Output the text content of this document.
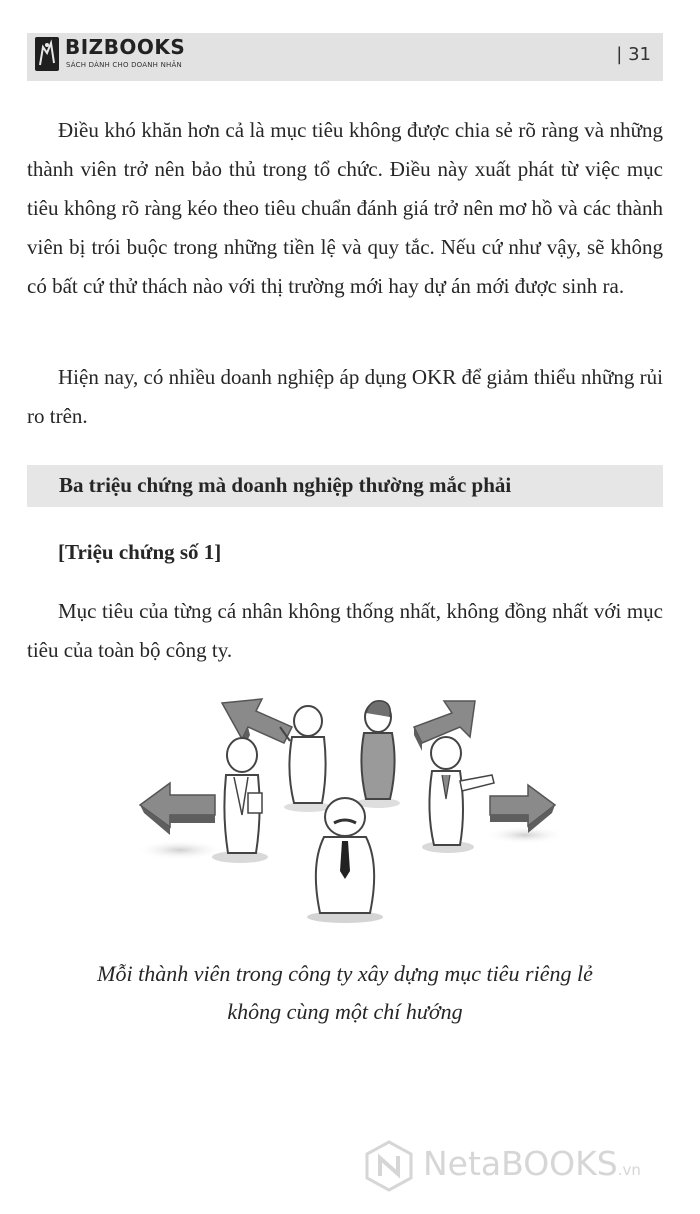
BIZBOOKS
SÁCH DÀNH CHO DOANH NHÂN	| 31

Điều khó khăn hơn cả là mục tiêu không được chia sẻ rõ ràng và những thành viên trở nên bảo thủ trong tổ chức. Điều này xuất phát từ việc mục tiêu không rõ ràng kéo theo tiêu chuẩn đánh giá trở nên mơ hồ và các thành viên bị trói buộc trong những tiền lệ và quy tắc. Nếu cứ như vậy, sẽ không có bất cứ thử thách nào với thị trường mới hay dự án mới được sinh ra.

Hiện nay, có nhiều doanh nghiệp áp dụng OKR để giảm thiểu những rủi ro trên.

Ba triệu chứng mà doanh nghiệp thường mắc phải
[Triệu chứng số 1]

Mục tiêu của từng cá nhân không thống nhất, không đồng nhất với mục tiêu của toàn bộ công ty.

Mỗi thành viên trong công ty xây dựng mục tiêu riêng lẻ
không cùng một chí hướng
NetaBOOKS.vn
